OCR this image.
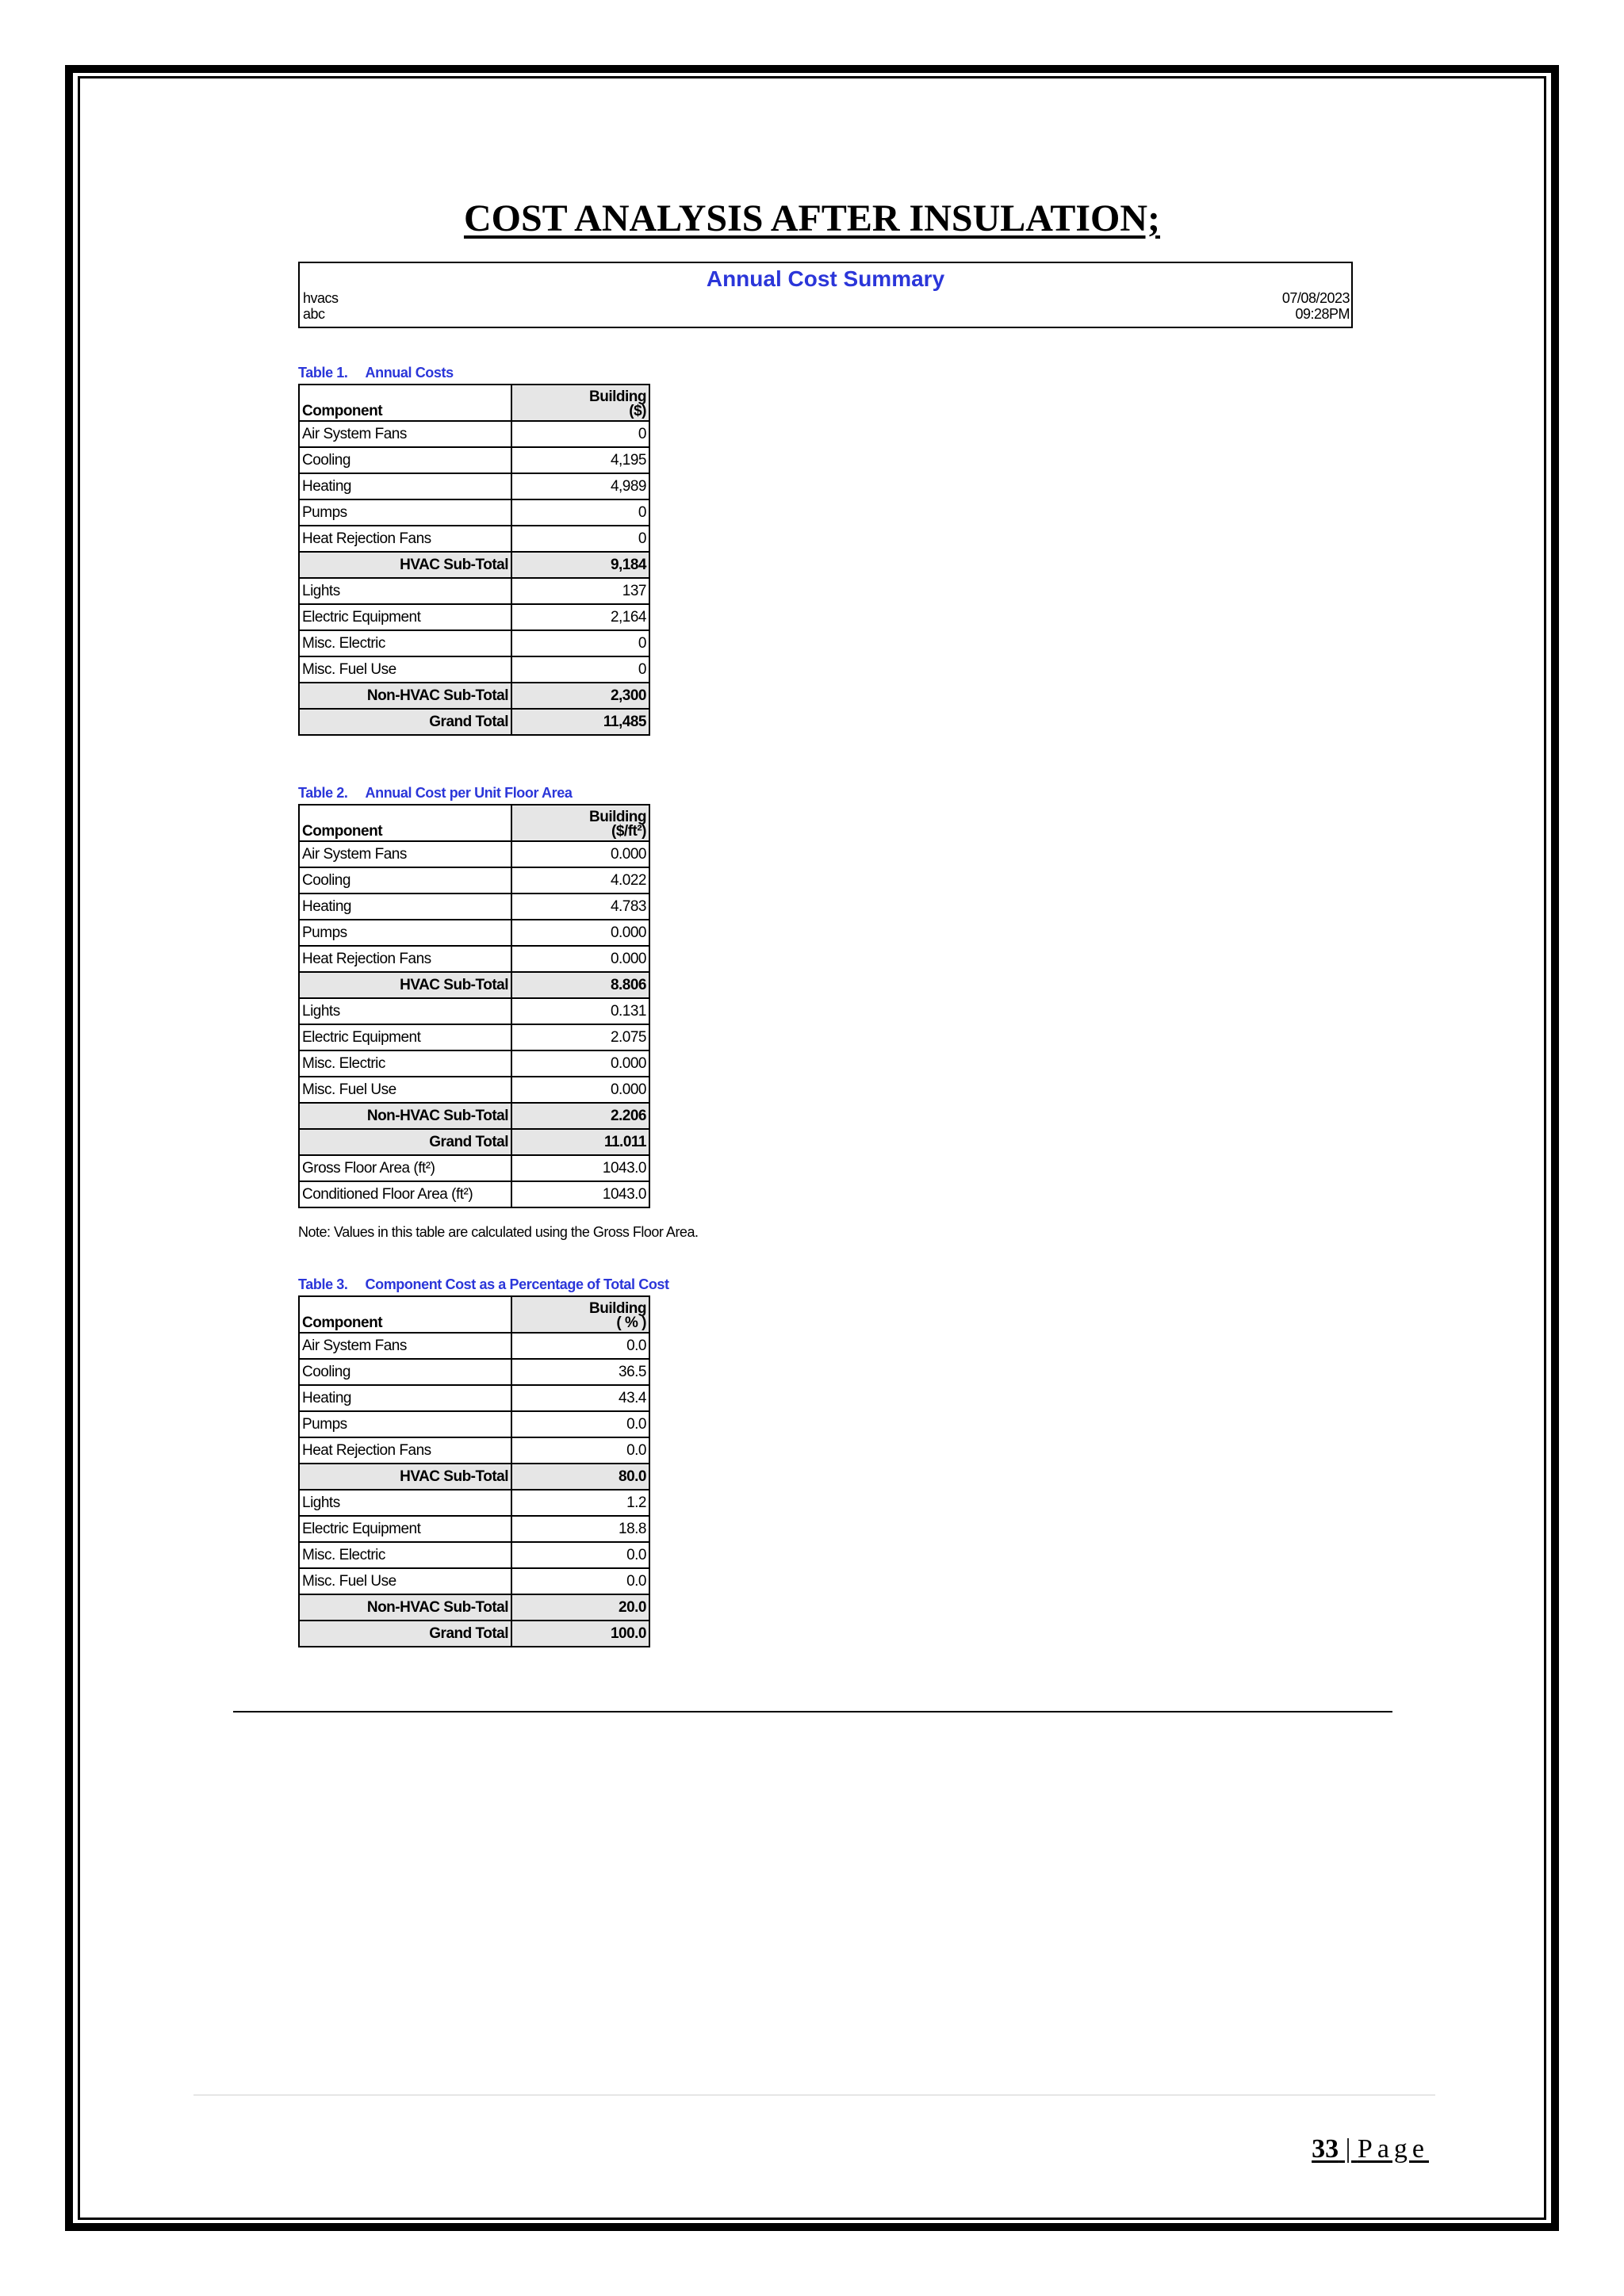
COST ANALYSIS AFTER INSULATION;
Annual Cost Summary
hvacs
abc
07/08/2023
09:28PM
Table 1. Annual Costs
Component	Building
($)
Air System Fans	0
Cooling	4,195
Heating	4,989
Pumps	0
Heat Rejection Fans	0
HVAC Sub-Total	9,184
Lights	137
Electric Equipment	2,164
Misc. Electric	0
Misc. Fuel Use	0
Non-HVAC Sub-Total	2,300
Grand Total	11,485
Table 2. Annual Cost per Unit Floor Area
Component	Building
($/ft²)
Air System Fans	0.000
Cooling	4.022
Heating	4.783
Pumps	0.000
Heat Rejection Fans	0.000
HVAC Sub-Total	8.806
Lights	0.131
Electric Equipment	2.075
Misc. Electric	0.000
Misc. Fuel Use	0.000
Non-HVAC Sub-Total	2.206
Grand Total	11.011
Gross Floor Area (ft²)	1043.0
Conditioned Floor Area (ft²)	1043.0
Note: Values in this table are calculated using the Gross Floor Area.
Table 3. Component Cost as a Percentage of Total Cost
Component	Building
( % )
Air System Fans	0.0
Cooling	36.5
Heating	43.4
Pumps	0.0
Heat Rejection Fans	0.0
HVAC Sub-Total	80.0
Lights	1.2
Electric Equipment	18.8
Misc. Electric	0.0
Misc. Fuel Use	0.0
Non-HVAC Sub-Total	20.0
Grand Total	100.0
33 | Page
